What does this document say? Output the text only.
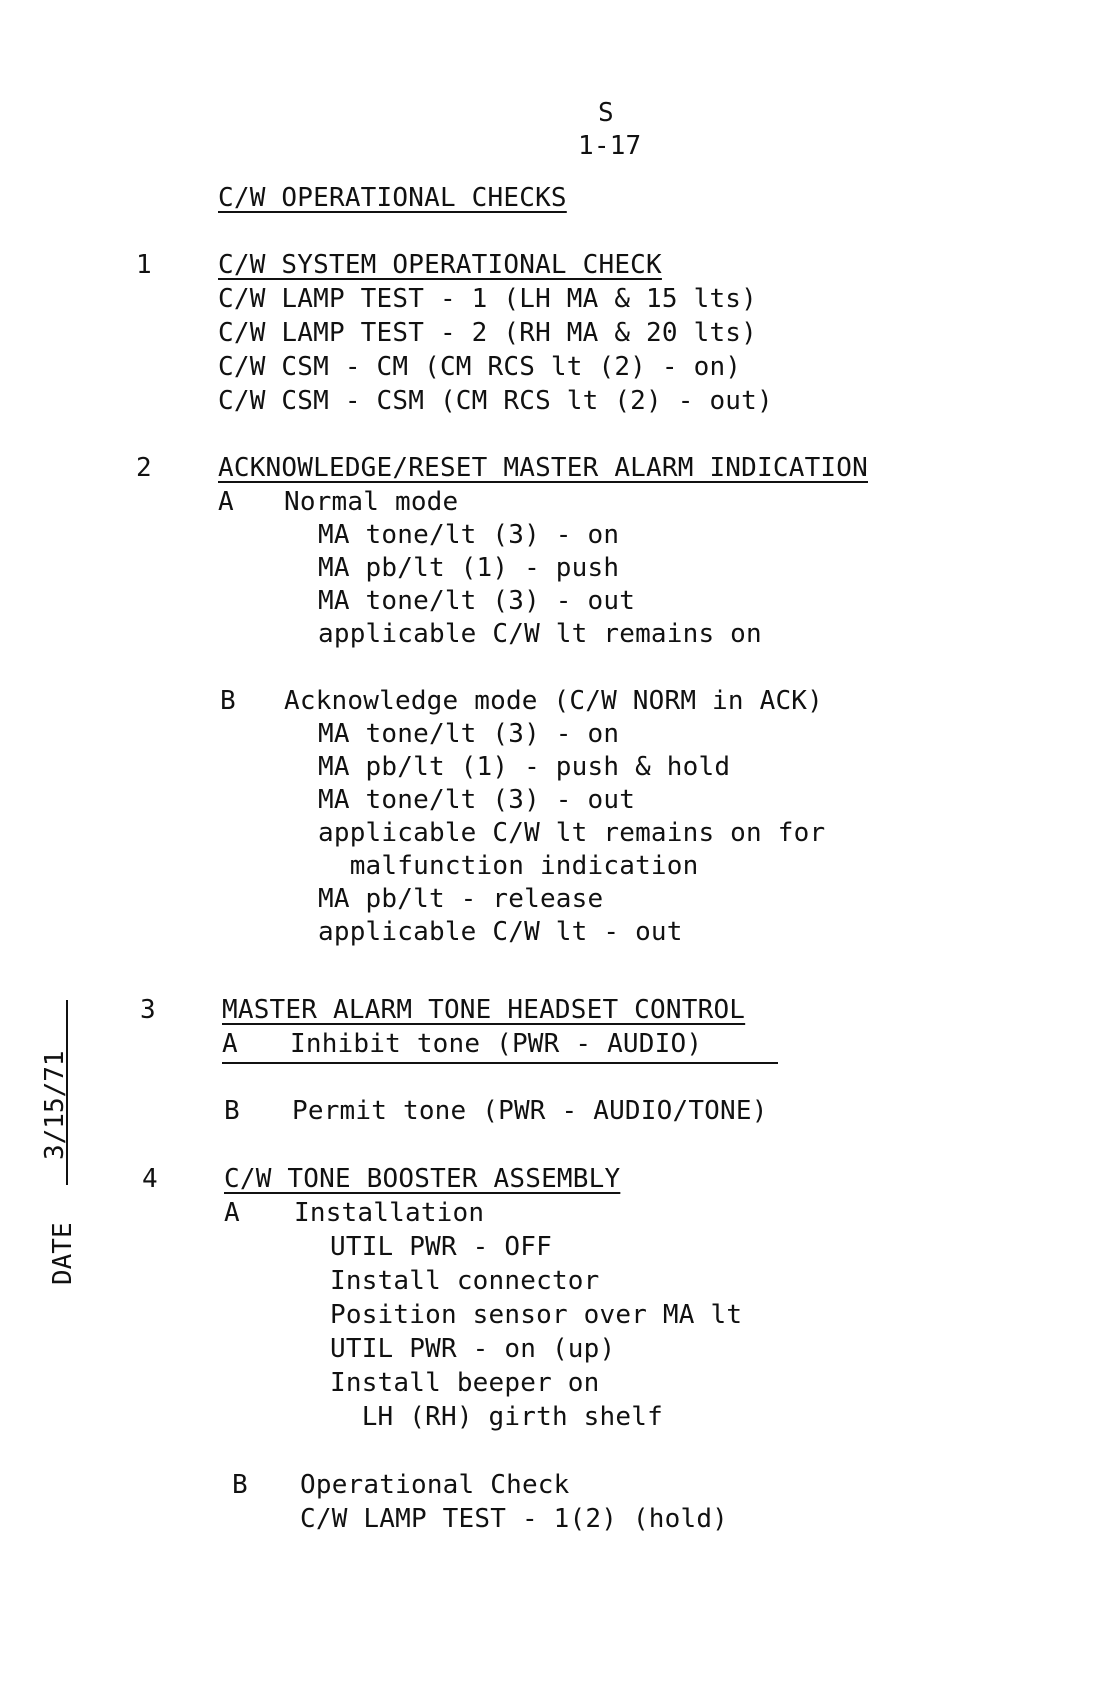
S
1-17
C/W OPERATIONAL CHECKS
1	C/W SYSTEM OPERATIONAL CHECK
C/W LAMP TEST - 1 (LH MA & 15 lts)
C/W LAMP TEST - 2 (RH MA & 20 lts)
C/W CSM - CM (CM RCS lt (2) - on)
C/W CSM - CSM (CM RCS lt (2) - out)
2	ACKNOWLEDGE/RESET MASTER ALARM INDICATION
A Normal mode
MA tone/lt (3) - on
MA pb/lt (1) - push
MA tone/lt (3) - out
applicable C/W lt remains on
B Acknowledge mode (C/W NORM in ACK)
MA tone/lt (3) - on
MA pb/lt (1) - push & hold
MA tone/lt (3) - out
applicable C/W lt remains on for
malfunction indication
MA pb/lt - release
applicable C/W lt - out
3	MASTER ALARM TONE HEADSET CONTROL
A Inhibit tone (PWR - AUDIO)
B Permit tone (PWR - AUDIO/TONE)
4	C/W TONE BOOSTER ASSEMBLY
A Installation
UTIL PWR - OFF
Install connector
Position sensor over MA lt
UTIL PWR - on (up)
Install beeper on
LH (RH) girth shelf
B Operational Check
C/W LAMP TEST - 1(2) (hold)
DATE
3/15/71
